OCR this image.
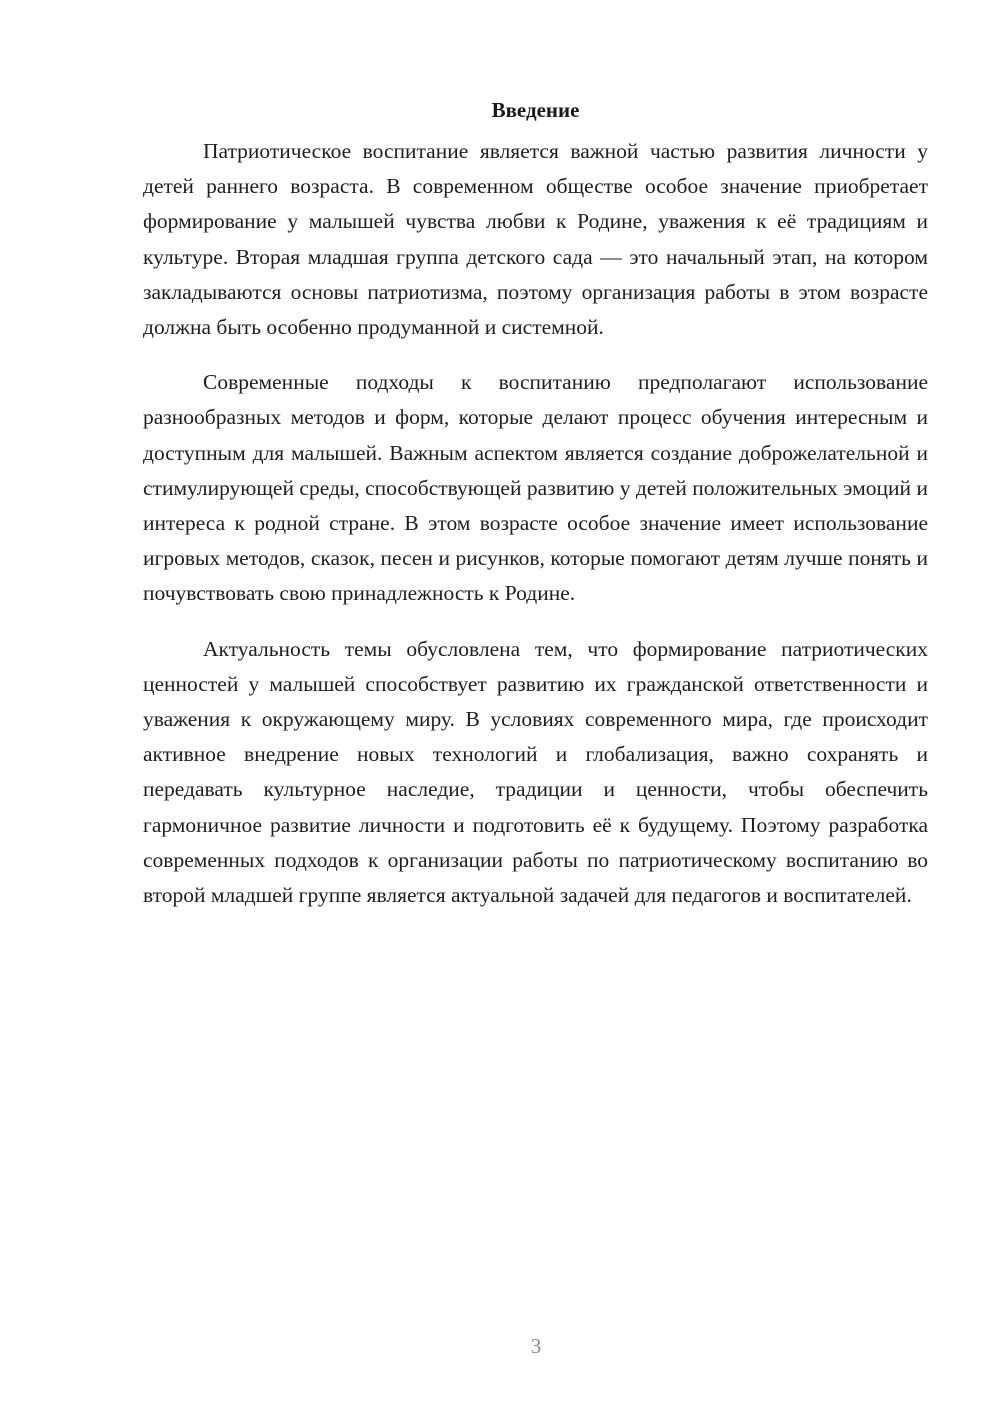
Введение

Патриотическое воспитание является важной частью развития личности у детей раннего возраста. В современном обществе особое значение приобретает формирование у малышей чувства любви к Родине, уважения к её традициям и культуре. Вторая младшая группа детского сада — это начальный этап, на котором закладываются основы патриотизма, поэтому организация работы в этом возрасте должна быть особенно продуманной и системной.

Современные подходы к воспитанию предполагают использование разнообразных методов и форм, которые делают процесс обучения интересным и доступным для малышей. Важным аспектом является создание доброжелательной и стимулирующей среды, способствующей развитию у детей положительных эмоций и интереса к родной стране. В этом возрасте особое значение имеет использование игровых методов, сказок, песен и рисунков, которые помогают детям лучше понять и почувствовать свою принадлежность к Родине.

Актуальность темы обусловлена тем, что формирование патриотических ценностей у малышей способствует развитию их гражданской ответственности и уважения к окружающему миру. В условиях современного мира, где происходит активное внедрение новых технологий и глобализация, важно сохранять и передавать культурное наследие, традиции и ценности, чтобы обеспечить гармоничное развитие личности и подготовить её к будущему. Поэтому разработка современных подходов к организации работы по патриотическому воспитанию во второй младшей группе является актуальной задачей для педагогов и воспитателей.

3
